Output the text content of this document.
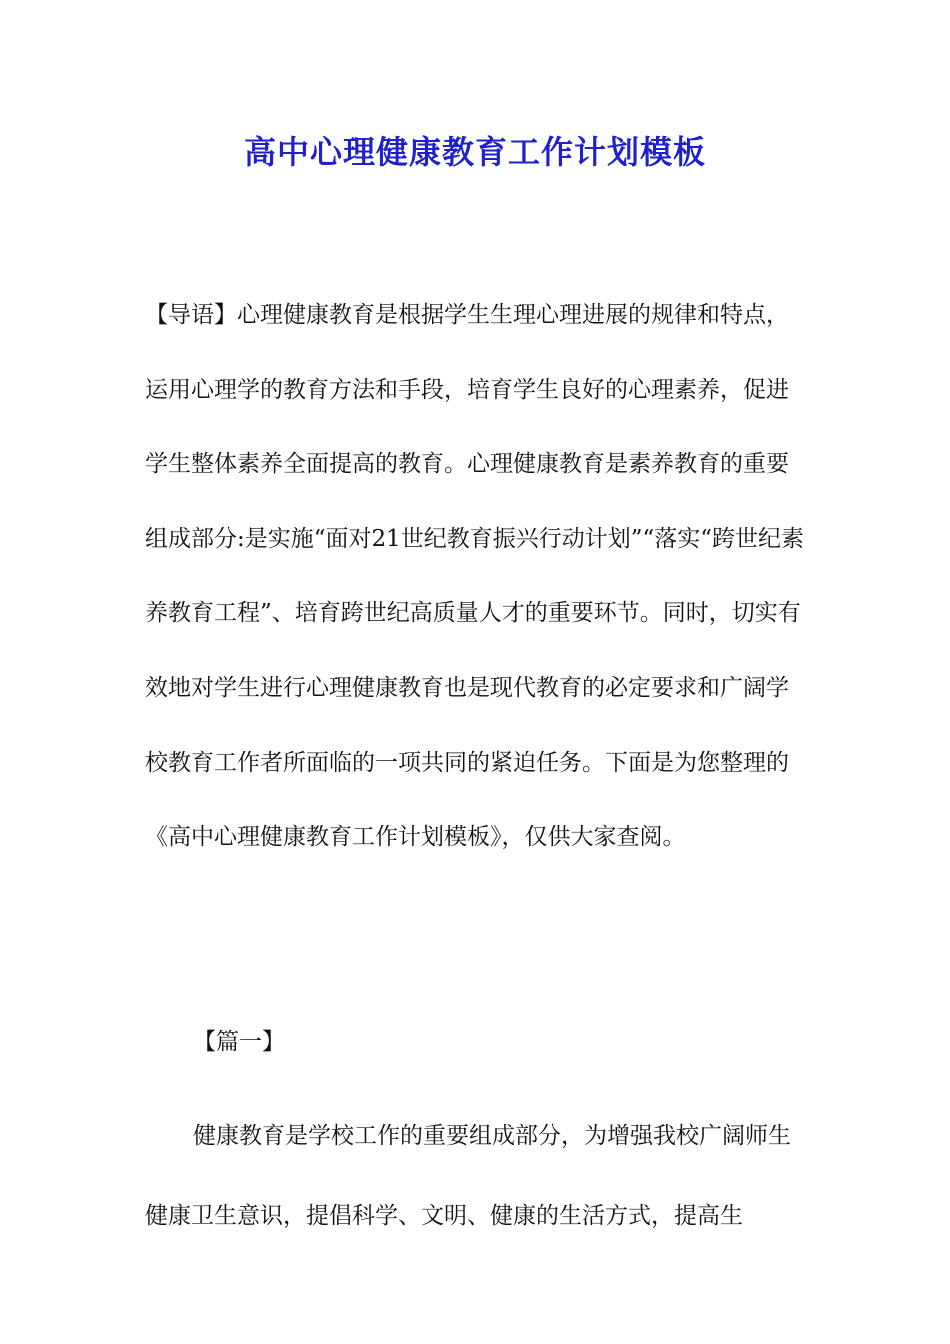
高中心理健康教育工作计划模板

【导语】心理健康教育是根据学生生理心理进展的规律和特点，运用心理学的教育方法和手段，培育学生良好的心理素养，促进学生整体素养全面提高的教育。心理健康教育是素养教育的重要组成部分:是实施“面对21世纪教育振兴行动计划”“落实“跨世纪素养教育工程”、培育跨世纪高质量人才的重要环节。同时，切实有效地对学生进行心理健康教育也是现代教育的必定要求和广阔学校教育工作者所面临的一项共同的紧迫任务。下面是为您整理的《高中心理健康教育工作计划模板》，仅供大家查阅。

【篇一】

健康教育是学校工作的重要组成部分，为增强我校广阔师生健康卫生意识，提倡科学、文明、健康的生活方式，提高生
